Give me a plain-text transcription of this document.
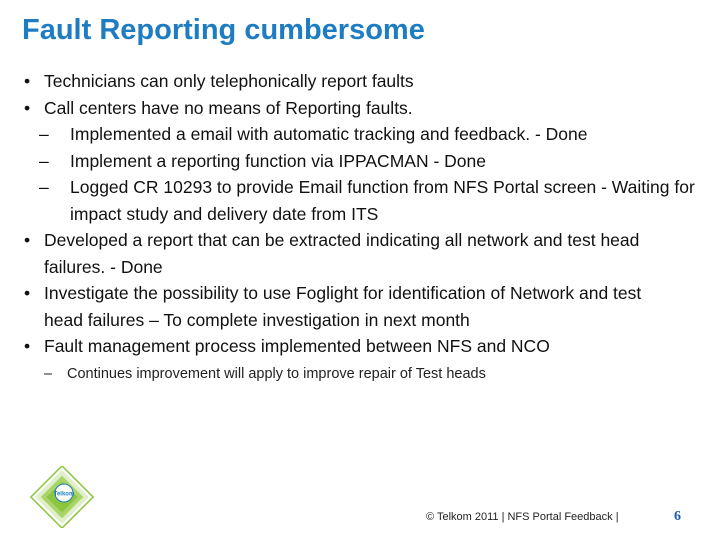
Fault Reporting cumbersome
• Technicians can only telephonically report faults
• Call centers have no means of Reporting faults.
– Implemented a email with automatic tracking and feedback. - Done
– Implement a reporting function via IPPACMAN - Done
– Logged CR 10293 to provide Email function from NFS Portal screen - Waiting for impact study and delivery date from ITS
• Developed a report that can be extracted indicating all network and test head failures. - Done
• Investigate the possibility to use Foglight for identification of Network and test head failures – To complete investigation in next month
• Fault management process implemented between NFS and NCO
– Continues improvement will apply to improve repair of Test heads
Telkom
© Telkom 2011 | NFS Portal Feedback |	6
